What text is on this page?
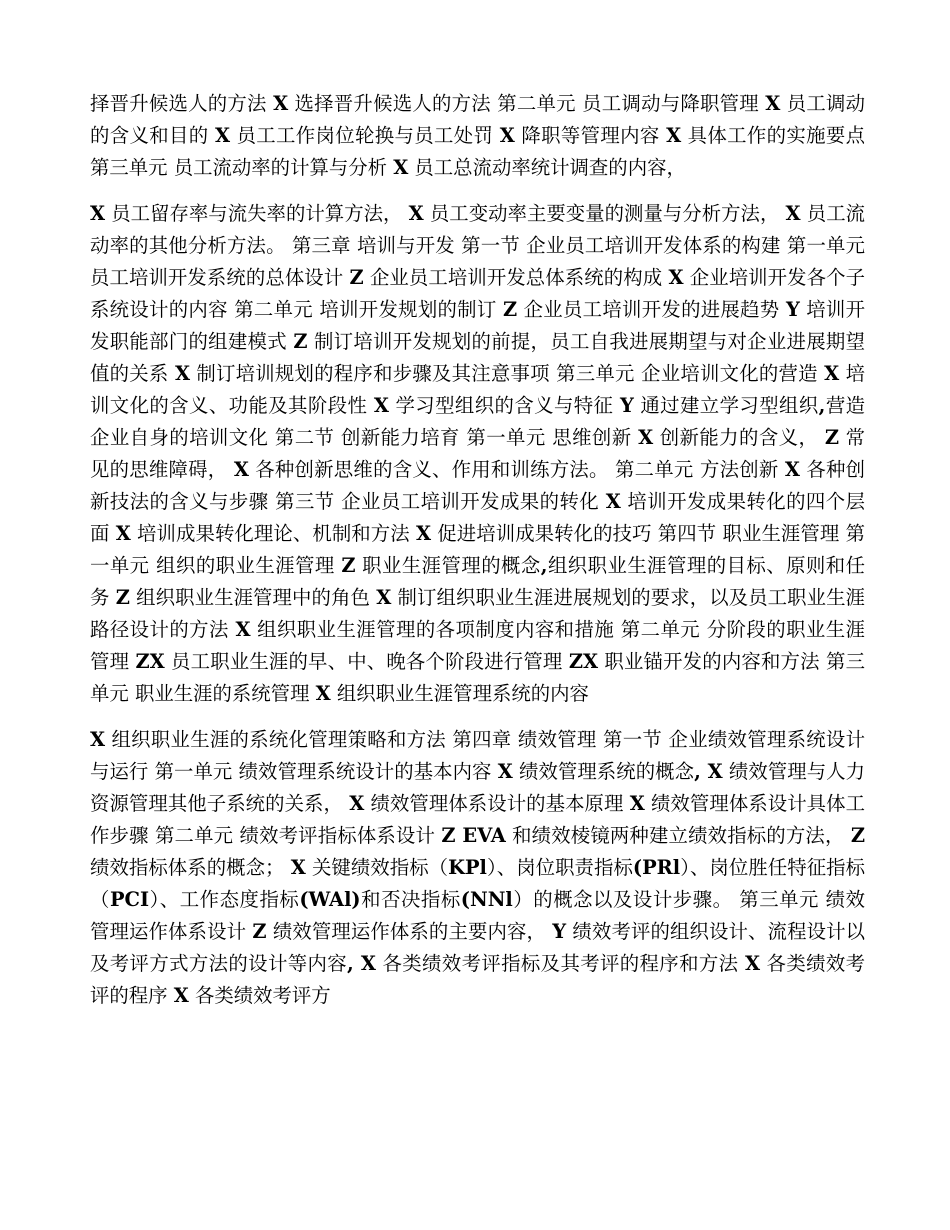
择晋升候选人的方法 X 选择晋升候选人的方法 第二单元 员工调动与降职管理 X 员工调动的含义和目的 X 员工工作岗位轮换与员工处罚 X 降职等管理内容 X 具体工作的实施要点 第三单元 员工流动率的计算与分析 X 员工总流动率统计调查的内容，

X 员工留存率与流失率的计算方法， X 员工变动率主要变量的测量与分析方法， X 员工流动率的其他分析方法。 第三章 培训与开发 第一节 企业员工培训开发体系的构建 第一单元 员工培训开发系统的总体设计 Z 企业员工培训开发总体系统的构成 X 企业培训开发各个子系统设计的内容 第二单元 培训开发规划的制订 Z 企业员工培训开发的进展趋势 Y 培训开发职能部门的组建模式 Z 制订培训开发规划的前提，员工自我进展期望与对企业进展期望值的关系 X 制订培训规划的程序和步骤及其注意事项 第三单元 企业培训文化的营造 X 培训文化的含义、功能及其阶段性 X 学习型组织的含义与特征 Y 通过建立学习型组织,营造企业自身的培训文化 第二节 创新能力培育 第一单元 思维创新 X 创新能力的含义， Z 常见的思维障碍， X 各种创新思维的含义、作用和训练方法。 第二单元 方法创新 X 各种创新技法的含义与步骤 第三节 企业员工培训开发成果的转化 X 培训开发成果转化的四个层面 X 培训成果转化理论、机制和方法 X 促进培训成果转化的技巧 第四节 职业生涯管理 第一单元 组织的职业生涯管理 Z 职业生涯管理的概念,组织职业生涯管理的目标、原则和任务 Z 组织职业生涯管理中的角色 X 制订组织职业生涯进展规划的要求，以及员工职业生涯路径设计的方法 X 组织职业生涯管理的各项制度内容和措施 第二单元 分阶段的职业生涯管理 ZX 员工职业生涯的早、中、晚各个阶段进行管理 ZX 职业锚开发的内容和方法 第三单元 职业生涯的系统管理 X 组织职业生涯管理系统的内容

X 组织职业生涯的系统化管理策略和方法 第四章 绩效管理 第一节 企业绩效管理系统设计与运行 第一单元 绩效管理系统设计的基本内容 X 绩效管理系统的概念, X 绩效管理与人力资源管理其他子系统的关系， X 绩效管理体系设计的基本原理 X 绩效管理体系设计具体工作步骤 第二单元 绩效考评指标体系设计 Z EVA 和绩效棱镜两种建立绩效指标的方法， Z 绩效指标体系的概念； X 关键绩效指标（KPl）、岗位职责指标(PRl）、岗位胜任特征指标（PCI）、工作态度指标(WAl)和否决指标(NNl）的概念以及设计步骤。 第三单元 绩效管理运作体系设计 Z 绩效管理运作体系的主要内容， Y 绩效考评的组织设计、流程设计以及考评方式方法的设计等内容, X 各类绩效考评指标及其考评的程序和方法 X 各类绩效考评的程序 X 各类绩效考评方
